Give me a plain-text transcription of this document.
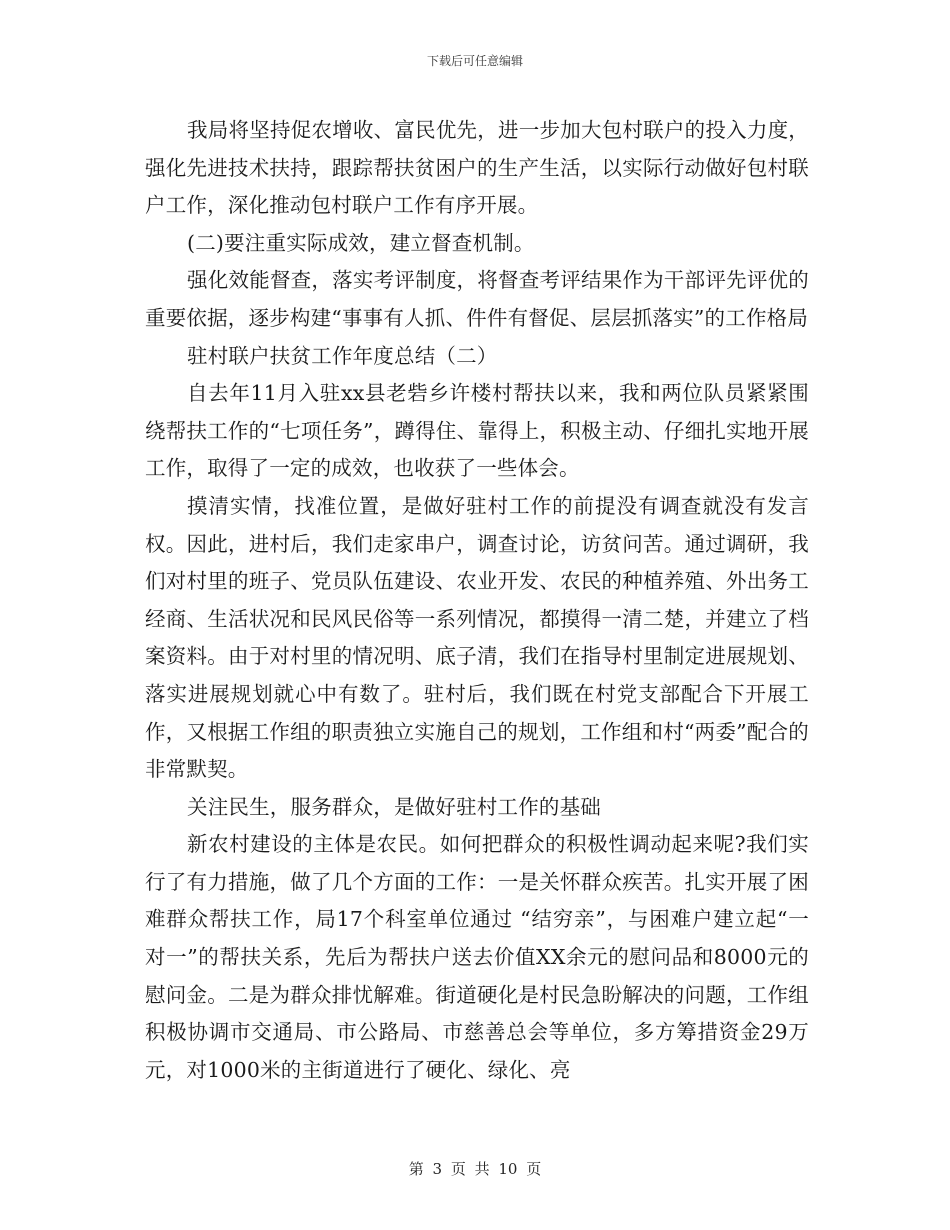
下载后可任意编辑

我局将坚持促农增收、富民优先，进一步加大包村联户的投入力度，强化先进技术扶持，跟踪帮扶贫困户的生产生活，以实际行动做好包村联户工作，深化推动包村联户工作有序开展。

(二)要注重实际成效，建立督查机制。

强化效能督查，落实考评制度，将督查考评结果作为干部评先评优的重要依据，逐步构建“事事有人抓、件件有督促、层层抓落实”的工作格局

驻村联户扶贫工作年度总结（二）

自去年11月入驻xx县老砦乡许楼村帮扶以来，我和两位队员紧紧围绕帮扶工作的“七项任务”，蹲得住、靠得上，积极主动、仔细扎实地开展工作，取得了一定的成效，也收获了一些体会。

摸清实情，找准位置，是做好驻村工作的前提没有调查就没有发言权。因此，进村后，我们走家串户，调查讨论，访贫问苦。通过调研，我们对村里的班子、党员队伍建设、农业开发、农民的种植养殖、外出务工经商、生活状况和民风民俗等一系列情况，都摸得一清二楚，并建立了档案资料。由于对村里的情况明、底子清，我们在指导村里制定进展规划、落实进展规划就心中有数了。驻村后，我们既在村党支部配合下开展工作，又根据工作组的职责独立实施自己的规划，工作组和村“两委”配合的非常默契。

关注民生，服务群众，是做好驻村工作的基础

新农村建设的主体是农民。如何把群众的积极性调动起来呢?我们实行了有力措施，做了几个方面的工作：一是关怀群众疾苦。扎实开展了困难群众帮扶工作，局17个科室单位通过 “结穷亲”，与困难户建立起“一对一”的帮扶关系，先后为帮扶户送去价值XX余元的慰问品和8000元的慰问金。二是为群众排忧解难。街道硬化是村民急盼解决的问题，工作组积极协调市交通局、市公路局、市慈善总会等单位，多方筹措资金29万元，对1000米的主街道进行了硬化、绿化、亮

第 3 页 共 10 页
